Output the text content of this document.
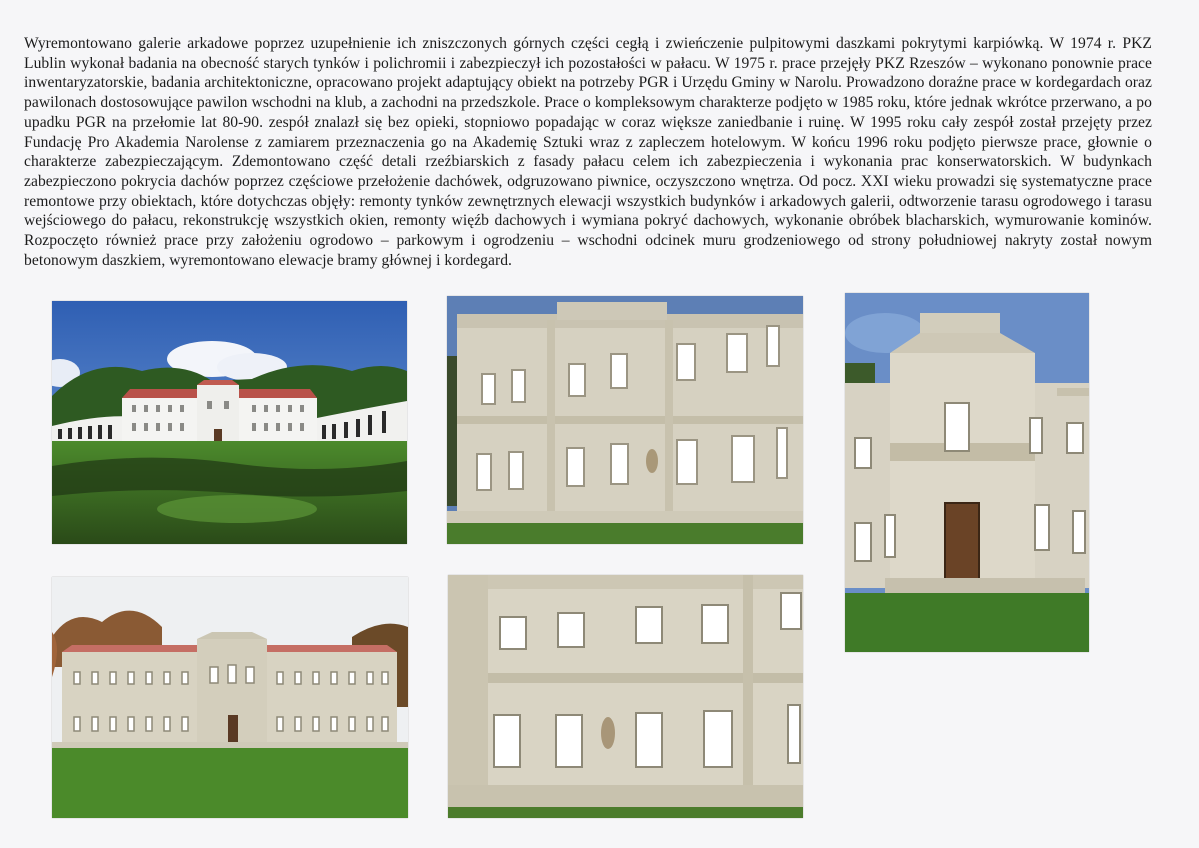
Wyremontowano galerie arkadowe poprzez uzupełnienie ich zniszczonych górnych części cegłą i zwieńczenie pulpitowymi daszkami pokrytymi karpiówką. W 1974 r. PKZ Lublin wykonał badania na obecność starych tynków i polichromii i zabezpieczył ich pozostałości w pałacu. W 1975 r. prace przejęły PKZ Rzeszów – wykonano ponownie prace inwentaryzatorskie, badania architektoniczne, opracowano projekt adaptujący obiekt na potrzeby PGR i Urzędu Gminy w Narolu. Prowadzono doraźne prace w kordegardach oraz pawilonach dostosowujące pawilon wschodni na klub, a zachodni na przedszkole. Prace o kompleksowym charakterze podjęto w 1985 roku, które jednak wkrótce przerwano, a po upadku PGR na przełomie lat 80-90. zespół znalazł się bez opieki, stopniowo popadając w coraz większe zaniedbanie i ruinę. W 1995 roku cały zespół został przejęty przez Fundację Pro Akademia Narolense z zamiarem przeznaczenia go na Akademię Sztuki wraz z zapleczem hotelowym. W końcu 1996 roku podjęto pierwsze prace, głownie o charakterze zabezpieczającym. Zdemontowano część detali rzeźbiarskich z fasady pałacu celem ich zabezpieczenia i wykonania prac konserwatorskich. W budynkach zabezpieczono pokrycia dachów poprzez częściowe przełożenie dachówek, odgruzowano piwnice, oczyszczono wnętrza. Od pocz. XXI wieku prowadzi się systematyczne prace remontowe przy obiektach, które dotychczas objęły: remonty tynków zewnętrznych elewacji wszystkich budynków i arkadowych galerii, odtworzenie tarasu ogrodowego i tarasu wejściowego do pałacu, rekonstrukcję wszystkich okien, remonty więźb dachowych i wymiana pokryć dachowych, wykonanie obróbek blacharskich, wymurowanie kominów. Rozpoczęto również prace przy założeniu ogrodowo – parkowym i ogrodzeniu – wschodni odcinek muru grodzeniowego od strony południowej nakryty został nowym betonowym daszkiem, wyremontowano elewacje bramy głównej i kordegard.
